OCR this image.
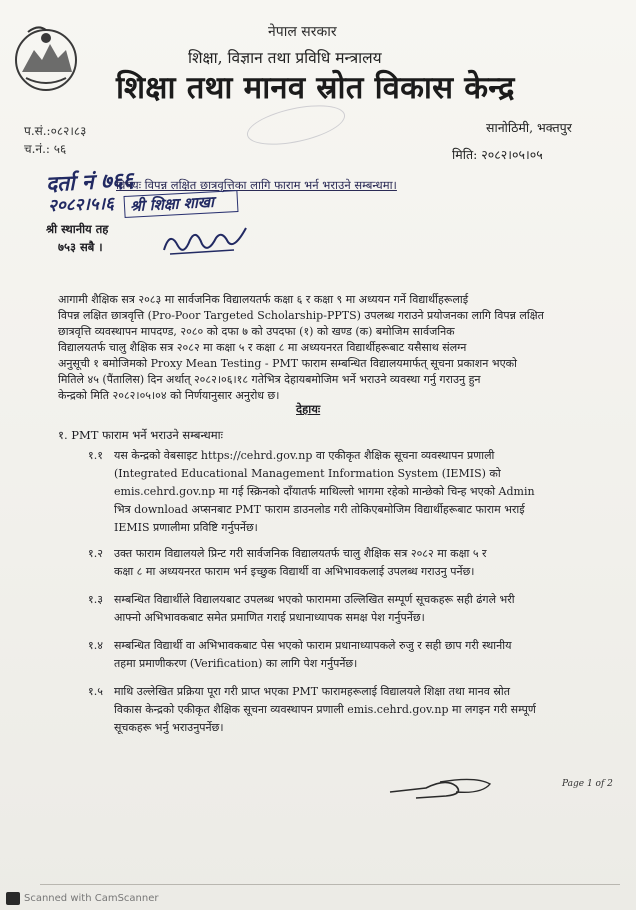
नेपाल सरकार
शिक्षा, विज्ञान तथा प्रविधि मन्त्रालय
शिक्षा तथा मानव स्रोत विकास केन्द्र
प.सं.:०८२।८३
च.नं.: ५६
सानोठिमी, भक्तपुर
मिति: २०८२।०५।०५
दर्ता नं ७६६
विषयः विपन्न लक्षित छात्रवृत्तिका लागि फाराम भर्न भराउने सम्बन्धमा।
२०८२।५।६ श्री शिक्षा शाखा
श्री स्थानीय तह
७५३ सबै ।
आगामी शैक्षिक सत्र २०८३ मा सार्वजनिक विद्यालयतर्फ कक्षा ६ र कक्षा ९ मा अध्ययन गर्ने विद्यार्थीहरूलाई
विपन्न लक्षित छात्रवृत्ति (Pro-Poor Targeted Scholarship-PPTS) उपलब्ध गराउने प्रयोजनका लागि विपन्न लक्षित
छात्रवृत्ति व्यवस्थापन मापदण्ड, २०८० को दफा ७ को उपदफा (१) को खण्ड (क) बमोजिम सार्वजनिक
विद्यालयतर्फ चालु शैक्षिक सत्र २०८२ मा कक्षा ५ र कक्षा ८ मा अध्ययनरत विद्यार्थीहरूबाट यसैसाथ संलग्न
अनुसूची १ बमोजिमको Proxy Mean Testing - PMT फाराम सम्बन्धित विद्यालयमार्फत् सूचना प्रकाशन भएको
मितिले ४५ (पैंतालिस) दिन अर्थात् २०८२।०६।१८ गतेभित्र देहायबमोजिम भर्ने भराउने व्यवस्था गर्नु गराउनु हुन
केन्द्रको मिति २०८२।०५।०४ को निर्णयानुसार अनुरोध छ।
देहायः
१. PMT फाराम भर्ने भराउने सम्बन्धमाः
१.१ यस केन्द्रको वेबसाइट https://cehrd.gov.np वा एकीकृत शैक्षिक सूचना व्यवस्थापन प्रणाली
(Integrated Educational Management Information System (IEMIS) को
emis.cehrd.gov.np मा गई स्क्रिनको दाँयातर्फ माथिल्लो भागमा रहेको मान्छेको चिन्ह भएको Admin
भित्र download अप्सनबाट PMT फाराम डाउनलोड गरी तोकिएबमोजिम विद्यार्थीहरूबाट फाराम भराई
IEMIS प्रणालीमा प्रविष्टि गर्नुपर्नेछ।
१.२ उक्त फाराम विद्यालयले प्रिन्ट गरी सार्वजनिक विद्यालयतर्फ चालु शैक्षिक सत्र २०८२ मा कक्षा ५ र
कक्षा ८ मा अध्ययनरत फाराम भर्न इच्छुक विद्यार्थी वा अभिभावकलाई उपलब्ध गराउनु पर्नेछ।
१.३ सम्बन्धित विद्यार्थीले विद्यालयबाट उपलब्ध भएको फाराममा उल्लिखित सम्पूर्ण सूचकहरू सही ढंगले भरी
आफ्नो अभिभावकबाट समेत प्रमाणित गराई प्रधानाध्यापक समक्ष पेश गर्नुपर्नेछ।
१.४ सम्बन्धित विद्यार्थी वा अभिभावकबाट पेस भएको फाराम प्रधानाध्यापकले रुजु र सही छाप गरी स्थानीय
तहमा प्रमाणीकरण (Verification) का लागि पेश गर्नुपर्नेछ।
१.५ माथि उल्लेखित प्रक्रिया पूरा गरी प्राप्त भएका PMT फारामहरूलाई विद्यालयले शिक्षा तथा मानव स्रोत
विकास केन्द्रको एकीकृत शैक्षिक सूचना व्यवस्थापन प्रणाली emis.cehrd.gov.np मा लगइन गरी सम्पूर्ण
सूचकहरू भर्नु भराउनुपर्नेछ।
Page 1 of 2
Scanned with CamScanner
